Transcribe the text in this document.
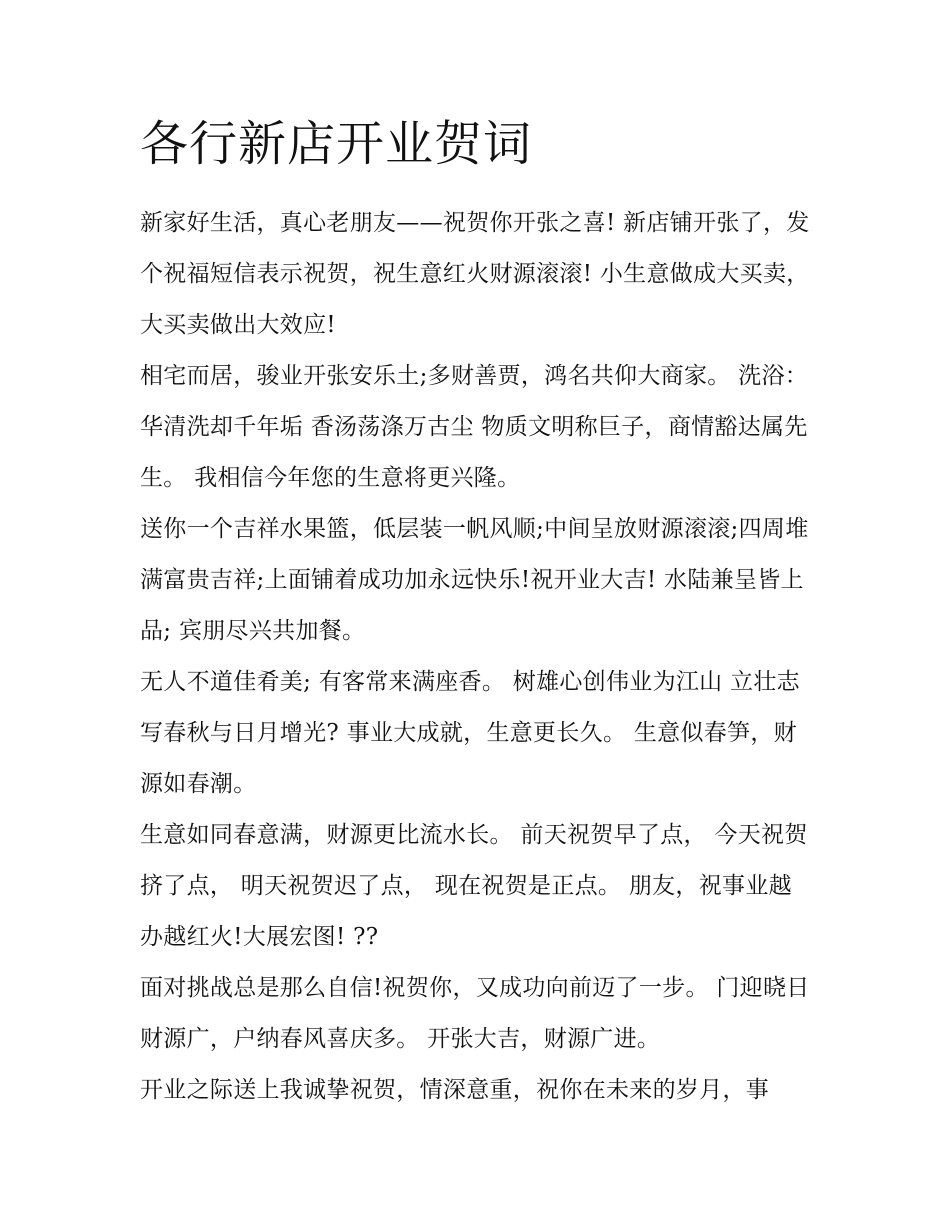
各行新店开业贺词

新家好生活，真心老朋友——祝贺你开张之喜! 新店铺开张了，发个祝福短信表示祝贺，祝生意红火财源滚滚! 小生意做成大买卖，大买卖做出大效应!

相宅而居，骏业开张安乐土;多财善贾，鸿名共仰大商家。 洗浴： 华清洗却千年垢 香汤荡涤万古尘 物质文明称巨子，商情豁达属先生。 我相信今年您的生意将更兴隆。

送你一个吉祥水果篮，低层装一帆风顺;中间呈放财源滚滚;四周堆满富贵吉祥;上面铺着成功加永远快乐!祝开业大吉! 水陆兼呈皆上品; 宾朋尽兴共加餐。

无人不道佳肴美; 有客常来满座香。 树雄心创伟业为江山 立壮志写春秋与日月增光? 事业大成就，生意更长久。 生意似春笋，财源如春潮。

生意如同春意满，财源更比流水长。 前天祝贺早了点， 今天祝贺挤了点， 明天祝贺迟了点， 现在祝贺是正点。 朋友，祝事业越办越红火!大展宏图! ??

面对挑战总是那么自信!祝贺你，又成功向前迈了一步。 门迎晓日财源广，户纳春风喜庆多。 开张大吉，财源广进。

开业之际送上我诚挚祝贺，情深意重，祝你在未来的岁月，事
